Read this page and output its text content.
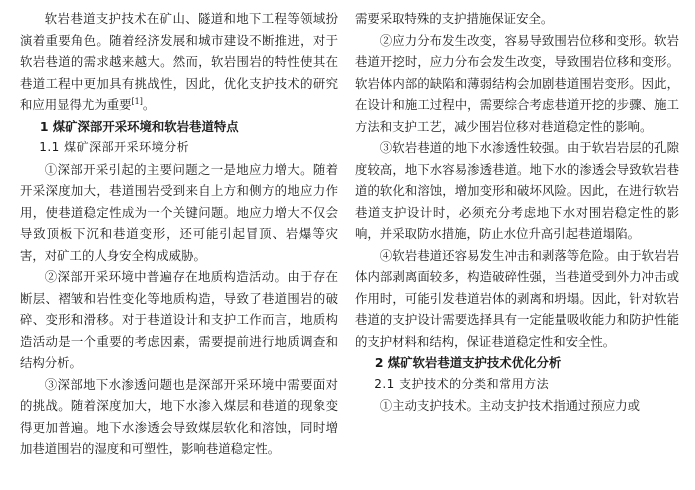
软岩巷道支护技术在矿山、隧道和地下工程等领域扮演着重要角色。随着经济发展和城市建设不断推进，对于软岩巷道的需求越来越大。然而，软岩围岩的特性使其在巷道工程中更加具有挑战性，因此，优化支护技术的研究和应用显得尤为重要[1]。

1 煤矿深部开采环境和软岩巷道特点

1.1 煤矿深部开采环境分析

①深部开采引起的主要问题之一是地应力增大。随着开采深度加大，巷道围岩受到来自上方和侧方的地应力作用，使巷道稳定性成为一个关键问题。地应力增大不仅会导致顶板下沉和巷道变形，还可能引起冒顶、岩爆等灾害，对矿工的人身安全构成威胁。

②深部开采环境中普遍存在地质构造活动。由于存在断层、褶皱和岩性变化等地质构造，导致了巷道围岩的破碎、变形和滑移。对于巷道设计和支护工作而言，地质构造活动是一个重要的考虑因素，需要提前进行地质调查和结构分析。

③深部地下水渗透问题也是深部开采环境中需要面对的挑战。随着深度加大，地下水渗入煤层和巷道的现象变得更加普遍。地下水渗透会导致煤层软化和溶蚀，同时增加巷道围岩的湿度和可塑性，影响巷道稳定性。

需要采取特殊的支护措施保证安全。

②应力分布发生改变，容易导致围岩位移和变形。软岩巷道开挖时，应力分布会发生改变，导致围岩位移和变形。软岩体内部的缺陷和薄弱结构会加剧巷道围岩变形。因此，在设计和施工过程中，需要综合考虑巷道开挖的步骤、施工方法和支护工艺，减少围岩位移对巷道稳定性的影响。

③软岩巷道的地下水渗透性较强。由于软岩岩层的孔隙度较高，地下水容易渗透巷道。地下水的渗透会导致软岩巷道的软化和溶蚀，增加变形和破坏风险。因此，在进行软岩巷道支护设计时，必须充分考虑地下水对围岩稳定性的影响，并采取防水措施，防止水位升高引起巷道塌陷。

④软岩巷道还容易发生冲击和剥落等危险。由于软岩岩体内部剥离面较多，构造破碎性强，当巷道受到外力冲击或作用时，可能引发巷道岩体的剥离和坍塌。因此，针对软岩巷道的支护设计需要选择具有一定能量吸收能力和防护性能的支护材料和结构，保证巷道稳定性和安全性。

2 煤矿软岩巷道支护技术优化分析

2.1 支护技术的分类和常用方法

①主动支护技术。主动支护技术指通过预应力或
